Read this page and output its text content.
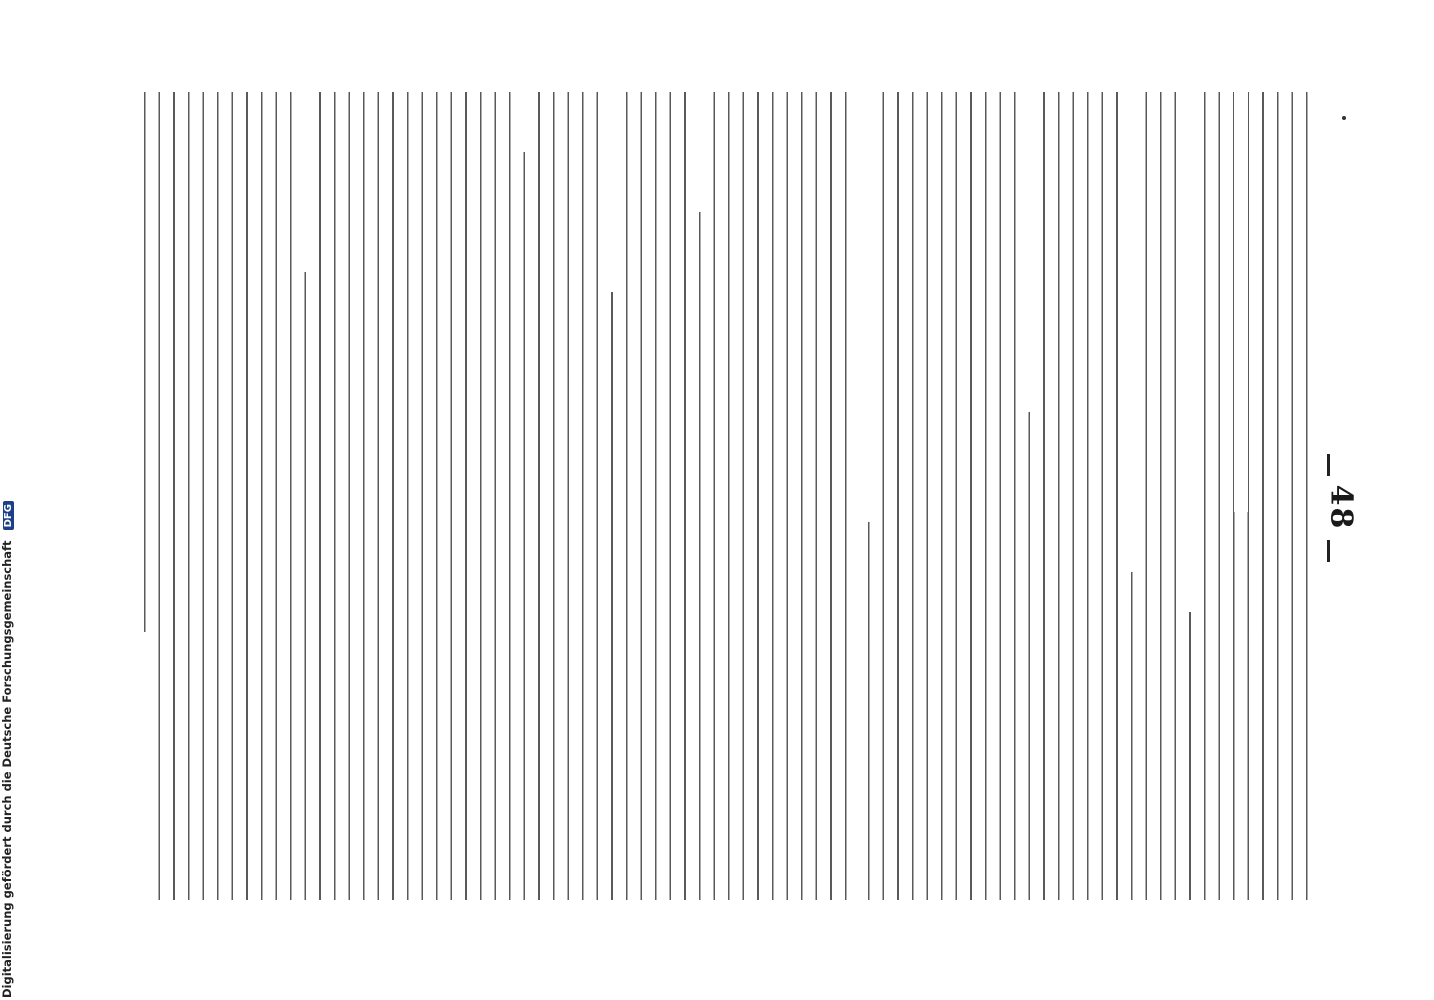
48
Digitalisierung gefördert durch die Deutsche Forschungsgemeinschaft DFG
